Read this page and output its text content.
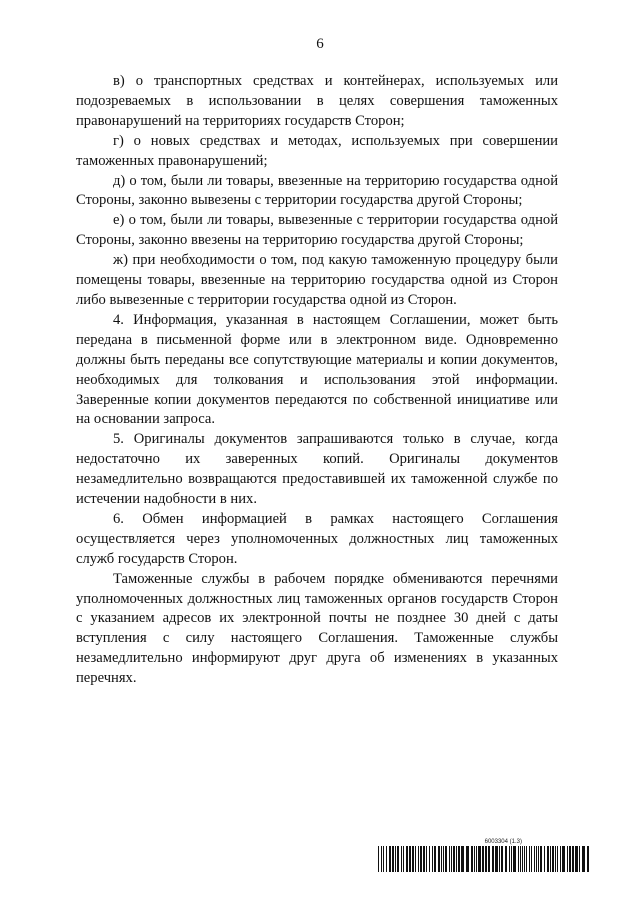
6

в) о транспортных средствах и контейнерах, используемых или подозреваемых в использовании в целях совершения таможенных правонарушений на территориях государств Сторон;

г) о новых средствах и методах, используемых при совершении таможенных правонарушений;

д) о том, были ли товары, ввезенные на территорию государства одной Стороны, законно вывезены с территории государства другой Стороны;

е) о том, были ли товары, вывезенные с территории государства одной Стороны, законно ввезены на территорию государства другой Стороны;

ж) при необходимости о том, под какую таможенную процедуру были помещены товары, ввезенные на территорию государства одной из Сторон либо вывезенные с территории государства одной из Сторон.

4. Информация, указанная в настоящем Соглашении, может быть передана в письменной форме или в электронном виде. Одновременно должны быть переданы все сопутствующие материалы и копии документов, необходимых для толкования и использования этой информации. Заверенные копии документов передаются по собственной инициативе или на основании запроса.

5. Оригиналы документов запрашиваются только в случае, когда недостаточно их заверенных копий. Оригиналы документов незамедлительно возвращаются предоставившей их таможенной службе по истечении надобности в них.

6. Обмен информацией в рамках настоящего Соглашения осуществляется через уполномоченных должностных лиц таможенных служб государств Сторон.

Таможенные службы в рабочем порядке обмениваются перечнями уполномоченных должностных лиц таможенных органов государств Сторон с указанием адресов их электронной почты не позднее 30 дней с даты вступления с силу настоящего Соглашения. Таможенные службы незамедлительно информируют друг друга об изменениях в указанных перечнях.

6003304 (1.3)
